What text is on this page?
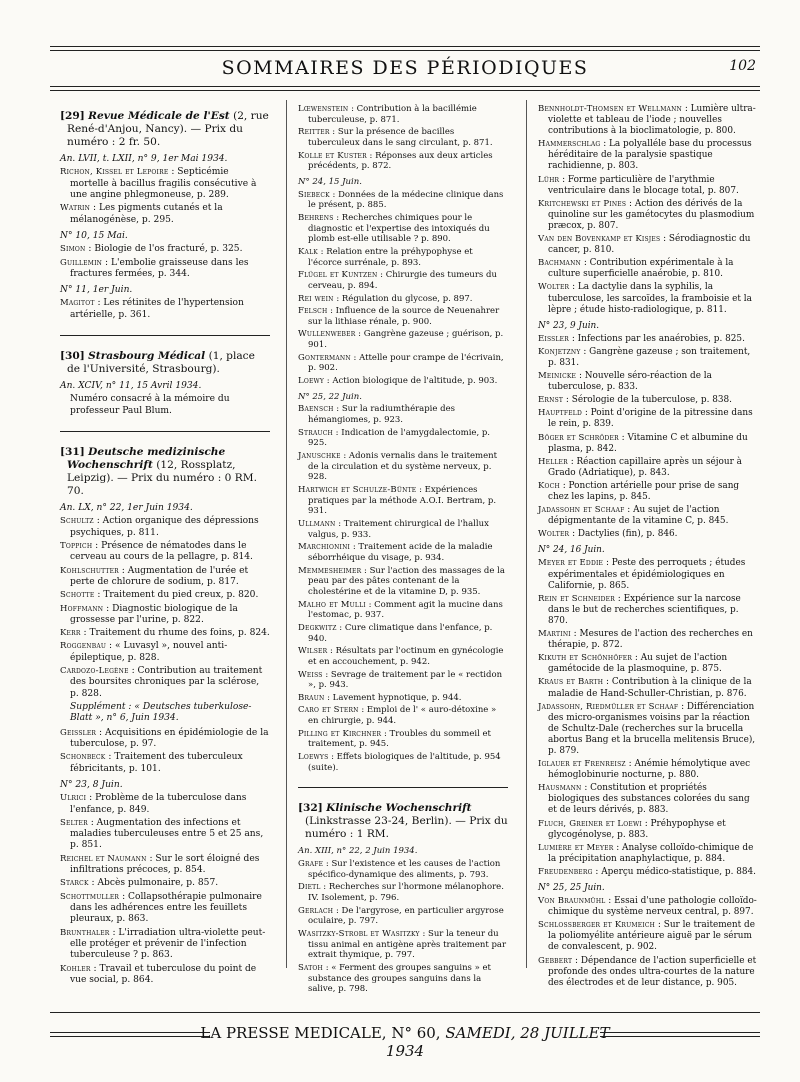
SOMMAIRES DES PÉRIODIQUES	102
[29] Revue Médicale de l'Est (2, rue René-d'Anjou, Nancy). — Prix du numéro : 2 fr. 50.
An. LVII, t. LXII, n° 9, 1er Mai 1934.
Richon, Kissel et Lepoire : Septicémie mortelle à bacillus fragilis consécutive à une angine phlegmoneuse, p. 289.
Watrin : Les pigments cutanés et la mélanogénèse, p. 295.
N° 10, 15 Mai.
Simon : Biologie de l'os fracturé, p. 325.
Guillemin : L'embolie graisseuse dans les fractures fermées, p. 344.
N° 11, 1er Juin.
Magitot : Les rétinites de l'hypertension artérielle, p. 361.
[30] Strasbourg Médical (1, place de l'Université, Strasbourg).
An. XCIV, n° 11, 15 Avril 1934.
Numéro consacré à la mémoire du professeur Paul Blum.
[31] Deutsche medizinische Wochenschrift (12, Rossplatz, Leipzig). — Prix du numéro : 0 RM. 70.
An. LX, n° 22, 1er Juin 1934.
Schultz : Action organique des dépressions psychiques, p. 811.
Toppich : Présence de nématodes dans le cerveau au cours de la pellagre, p. 814.
Kohlschutter : Augmentation de l'urée et perte de chlorure de sodium, p. 817.
Schotte : Traitement du pied creux, p. 820.
Hoffmann : Diagnostic biologique de la grossesse par l'urine, p. 822.
Kerr : Traitement du rhume des foins, p. 824.
Roggenbau : « Luvasyl », nouvel anti-épileptique, p. 828.
Cardozo-Legène : Contribution au traitement des boursites chroniques par la sclérose, p. 828.
Supplément : « Deutsches tuberkulose-Blatt », n° 6, Juin 1934.
Geissler : Acquisitions en épidémiologie de la tuberculose, p. 97.
Schonbeck : Traitement des tuberculeux fébricitants, p. 101.
N° 23, 8 Juin.
Ulrici : Problème de la tuberculose dans l'enfance, p. 849.
Selter : Augmentation des infections et maladies tuberculeuses entre 5 et 25 ans, p. 851.
Reichel et Naumann : Sur le sort éloigné des infiltrations précoces, p. 854.
Starck : Abcès pulmonaire, p. 857.
Schottmuller : Collapsothérapie pulmonaire dans les adhérences entre les feuillets pleuraux, p. 863.
Brunthaler : L'irradiation ultra-violette peut-elle protéger et prévenir de l'infection tuberculeuse ? p. 863.
Kohler : Travail et tuberculose du point de vue social, p. 864.
Lœwenstein : Contribution à la bacillémie tuberculeuse, p. 871.
Reitter : Sur la présence de bacilles tuberculeux dans le sang circulant, p. 871.
Kolle et Kuster : Réponses aux deux articles précédents, p. 872.
N° 24, 15 Juin.
Siebeck : Données de la médecine clinique dans le présent, p. 885.
Behrens : Recherches chimiques pour le diagnostic et l'expertise des intoxiqués du plomb est-elle utilisable ? p. 890.
Kalk : Relation entre la préhypophyse et l'écorce surrénale, p. 893.
Flügel et Kuntzen : Chirurgie des tumeurs du cerveau, p. 894.
Rei wein : Régulation du glycose, p. 897.
Felsch : Influence de la source de Neuenahrer sur la lithiase rénale, p. 900.
Wullenweber : Gangrène gazeuse ; guérison, p. 901.
Gontermann : Attelle pour crampe de l'écrivain, p. 902.
Loewy : Action biologique de l'altitude, p. 903.
N° 25, 22 Juin.
Baensch : Sur la radiumthérapie des hémangiomes, p. 923.
Strauch : Indication de l'amygdalectomie, p. 925.
Januschke : Adonis vernalis dans le traitement de la circulation et du système nerveux, p. 928.
Hartwich et Schulze-Bünte : Expériences pratiques par la méthode A.O.I. Bertram, p. 931.
Ullmann : Traitement chirurgical de l'hallux valgus, p. 933.
Marchionini : Traitement acide de la maladie séborrhéique du visage, p. 934.
Memmesheimer : Sur l'action des massages de la peau par des pâtes contenant de la cholestérine et de la vitamine D, p. 935.
Malho et Mulli : Comment agit la mucine dans l'estomac, p. 937.
Degkwitz : Cure climatique dans l'enfance, p. 940.
Wilser : Résultats par l'octinum en gynécologie et en accouchement, p. 942.
Weiss : Sevrage de traitement par le « rectidon », p. 943.
Braun : Lavement hypnotique, p. 944.
Caro et Stern : Emploi de l' « auro-détoxine » en chirurgie, p. 944.
Pilling et Kirchner : Troubles du sommeil et traitement, p. 945.
Loewys : Effets biologiques de l'altitude, p. 954 (suite).
[32] Klinische Wochenschrift (Linkstrasse 23-24, Berlin). — Prix du numéro : 1 RM.
An. XIII, n° 22, 2 Juin 1934.
Grafe : Sur l'existence et les causes de l'action spécifico-dynamique des aliments, p. 793.
Dietl : Recherches sur l'hormone mélanophore. IV. Isolement, p. 796.
Gerlach : De l'argyrose, en particulier argyrose oculaire, p. 797.
Wasitzky-Strobl et Wasitzky : Sur la teneur du tissu animal en antigène après traitement par extrait thymique, p. 797.
Satoh : « Ferment des groupes sanguins » et substance des groupes sanguins dans la salive, p. 798.
Bennholdt-Thomsen et Wellmann : Lumière ultra-violette et tableau de l'iode ; nouvelles contributions à la bioclimatologie, p. 800.
Hammerschlag : La polyalléle base du processus héréditaire de la paralysie spastique rachidienne, p. 803.
Lühr : Forme particulière de l'arythmie ventriculaire dans le blocage total, p. 807.
Kritchewski et Pines : Action des dérivés de la quinoline sur les gamétocytes du plasmodium præcox, p. 807.
Van den Bovenkamp et Kisjes : Sérodiagnostic du cancer, p. 810.
Bachmann : Contribution expérimentale à la culture superficielle anaérobie, p. 810.
Wolter : La dactylie dans la syphilis, la tuberculose, les sarcoïdes, la framboisie et la lèpre ; étude histo-radiologique, p. 811.
N° 23, 9 Juin.
Eissler : Infections par les anaérobies, p. 825.
Konjetzny : Gangrène gazeuse ; son traitement, p. 831.
Meinicke : Nouvelle séro-réaction de la tuberculose, p. 833.
Ernst : Sérologie de la tuberculose, p. 838.
Hauptfeld : Point d'origine de la pitressine dans le rein, p. 839.
Böger et Schröder : Vitamine C et albumine du plasma, p. 842.
Heller : Réaction capillaire après un séjour à Grado (Adriatique), p. 843.
Koch : Ponction artérielle pour prise de sang chez les lapins, p. 845.
Jadassohn et Schaaf : Au sujet de l'action dépigmentante de la vitamine C, p. 845.
Wolter : Dactylies (fin), p. 846.
N° 24, 16 Juin.
Meyer et Eddie : Peste des perroquets ; études expérimentales et épidémiologiques en Californie, p. 865.
Rein et Schneider : Expérience sur la narcose dans le but de recherches scientifiques, p. 870.
Martini : Mesures de l'action des recherches en thérapie, p. 872.
Kikuth et Schönhöfer : Au sujet de l'action gamétocide de la plasmoquine, p. 875.
Kraus et Barth : Contribution à la clinique de la maladie de Hand-Schuller-Christian, p. 876.
Jadassohn, Riedmüller et Schaaf : Différenciation des micro-organismes voisins par la réaction de Schultz-Dale (recherches sur la brucella abortus Bang et la brucella melitensis Bruce), p. 879.
Iglauer et Frenreisz : Anémie hémolytique avec hémoglobinurie nocturne, p. 880.
Hausmann : Constitution et propriétés biologiques des substances colorées du sang et de leurs dérivés, p. 883.
Fluch, Greiner et Loewi : Préhypophyse et glycogénolyse, p. 883.
Lumière et Meyer : Analyse colloïdo-chimique de la précipitation anaphylactique, p. 884.
Freudenberg : Aperçu médico-statistique, p. 884.
N° 25, 25 Juin.
Von Braunmühl : Essai d'une pathologie colloïdo-chimique du système nerveux central, p. 897.
Schlossberger et Krumeich : Sur le traitement de la poliomyélite antérieure aiguë par le sérum de convalescent, p. 902.
Gebbert : Dépendance de l'action superficielle et profonde des ondes ultra-courtes de la nature des électrodes et de leur distance, p. 905.
LA PRESSE MEDICALE, N° 60, SAMEDI, 28 JUILLET 1934
